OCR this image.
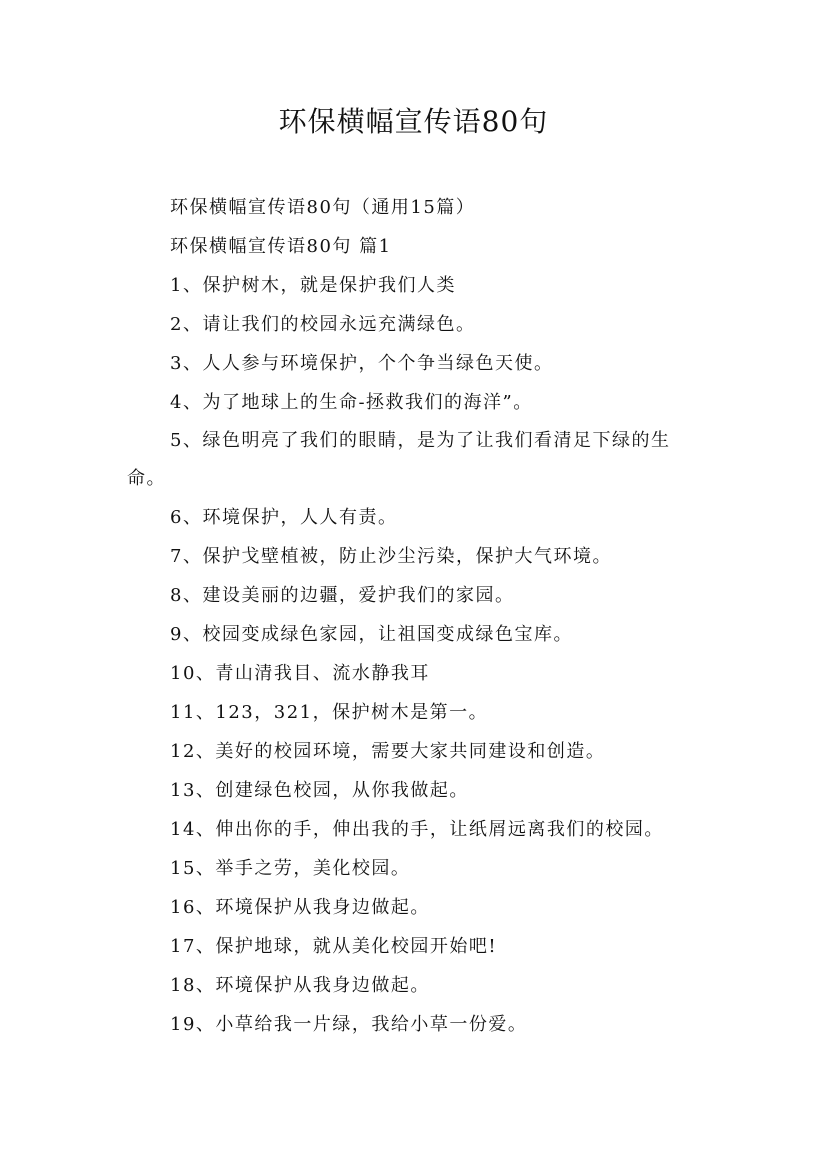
环保横幅宣传语80句

环保横幅宣传语80句（通用15篇）

环保横幅宣传语80句 篇1

1、保护树木，就是保护我们人类

2、请让我们的校园永远充满绿色。

3、人人参与环境保护，个个争当绿色天使。

4、为了地球上的生命-拯救我们的海洋”。

5、绿色明亮了我们的眼睛，是为了让我们看清足下绿的生命。

6、环境保护，人人有责。

7、保护戈壁植被，防止沙尘污染，保护大气环境。

8、建设美丽的边疆，爱护我们的家园。

9、校园变成绿色家园，让祖国变成绿色宝库。

10、青山清我目、流水静我耳

11、123，321，保护树木是第一。

12、美好的校园环境，需要大家共同建设和创造。

13、创建绿色校园，从你我做起。

14、伸出你的手，伸出我的手，让纸屑远离我们的校园。

15、举手之劳，美化校园。

16、环境保护从我身边做起。

17、保护地球，就从美化校园开始吧!

18、环境保护从我身边做起。

19、小草给我一片绿，我给小草一份爱。
